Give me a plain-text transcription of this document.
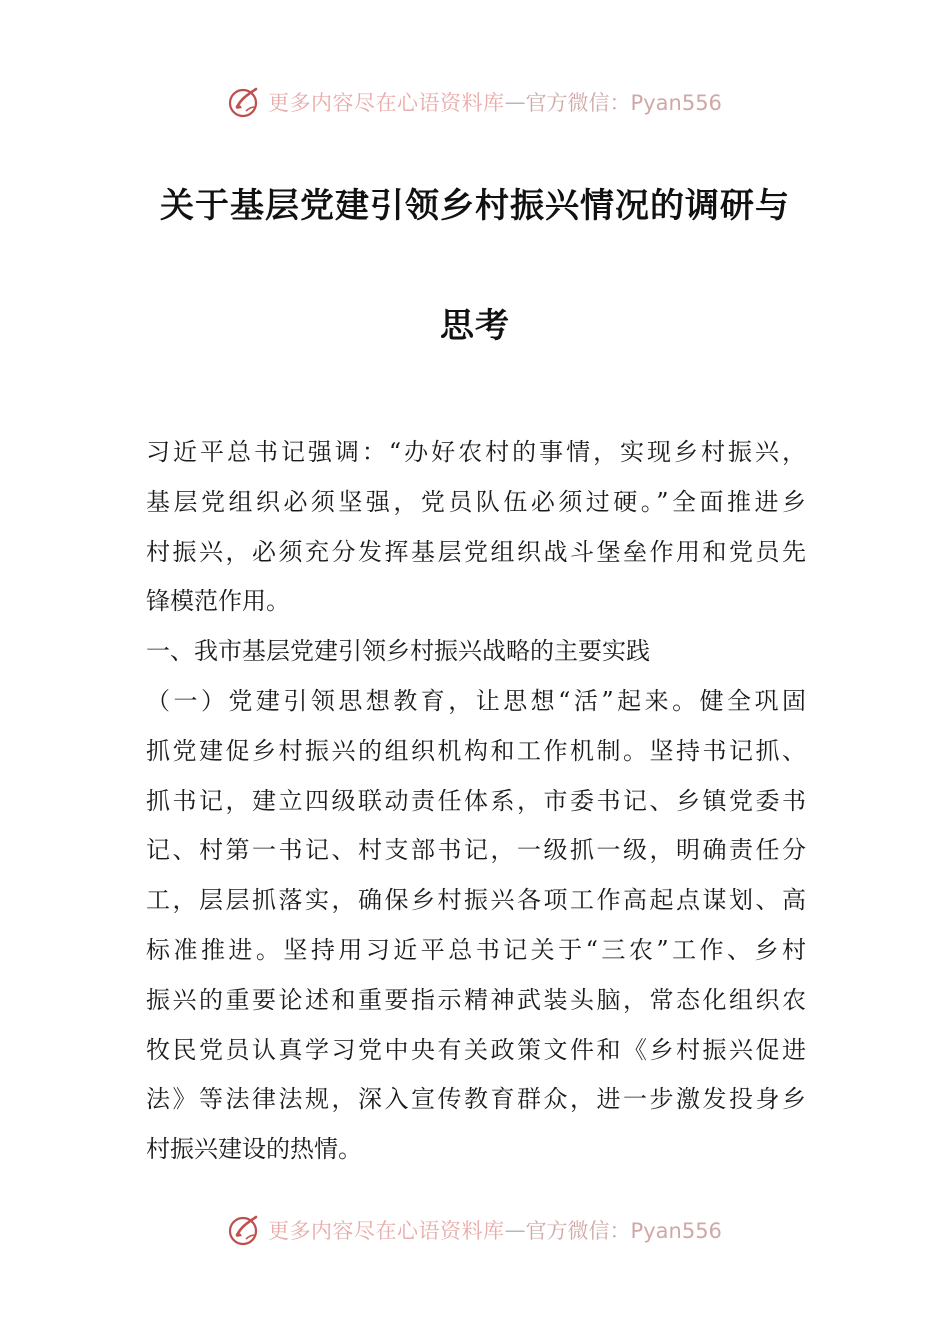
更多内容尽在心语资料库 — 官方微信：Pyan556
关于基层党建引领乡村振兴情况的调研与
思考
习近平总书记强调：“办好农村的事情，实现乡村振兴，
基层党组织必须坚强，党员队伍必须过硬。”全面推进乡
村振兴，必须充分发挥基层党组织战斗堡垒作用和党员先
锋模范作用。
一、我市基层党建引领乡村振兴战略的主要实践
（一）党建引领思想教育，让思想“活”起来。健全巩固
抓党建促乡村振兴的组织机构和工作机制。坚持书记抓、
抓书记，建立四级联动责任体系，市委书记、乡镇党委书
记、村第一书记、村支部书记，一级抓一级，明确责任分
工，层层抓落实，确保乡村振兴各项工作高起点谋划、高
标准推进。坚持用习近平总书记关于“三农”工作、乡村
振兴的重要论述和重要指示精神武装头脑，常态化组织农
牧民党员认真学习党中央有关政策文件和《乡村振兴促进
法》等法律法规，深入宣传教育群众，进一步激发投身乡
村振兴建设的热情。
更多内容尽在心语资料库 — 官方微信：Pyan556
